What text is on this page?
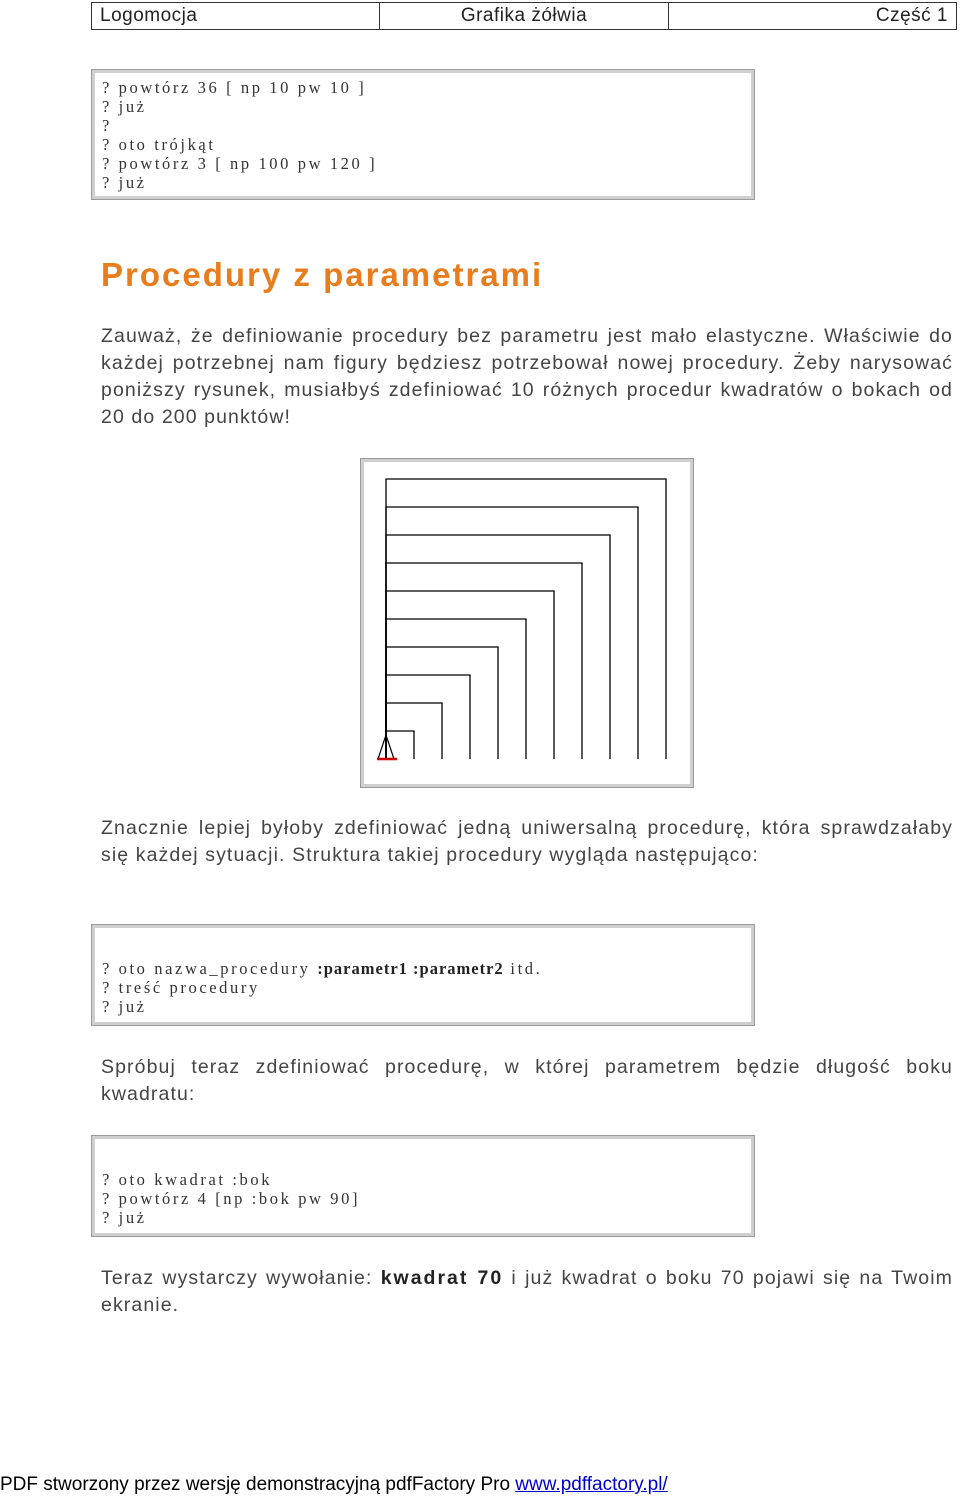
Logomocja	Grafika żółwia	Część 1
? powtórz 36 [ np 10 pw 10 ]
? już
?
? oto trójkąt
? powtórz 3 [ np 100 pw 120 ]
? już
Procedury z parametrami

Zauważ, że definiowanie procedury bez parametru jest mało elastyczne. Właściwie do każdej potrzebnej nam figury będziesz potrzebował nowej procedury. Żeby narysować poniższy rysunek, musiałbyś zdefiniować 10 różnych procedur kwadratów o bokach od 20 do 200 punktów!

Znacznie lepiej byłoby zdefiniować jedną uniwersalną procedurę, która sprawdzałaby się każdej sytuacji. Struktura takiej procedury wygląda następująco:

? oto nazwa_procedury :parametr1 :parametr2 itd.
? treść procedury
? już

Spróbuj teraz zdefiniować procedurę, w której parametrem będzie długość boku kwadratu:

? oto kwadrat :bok
? powtórz 4 [np :bok pw 90]
? już

Teraz wystarczy wywołanie: kwadrat 70 i już kwadrat o boku 70 pojawi się na Twoim ekranie.

PDF stworzony przez wersję demonstracyjną pdfFactory Pro www.pdffactory.pl/
